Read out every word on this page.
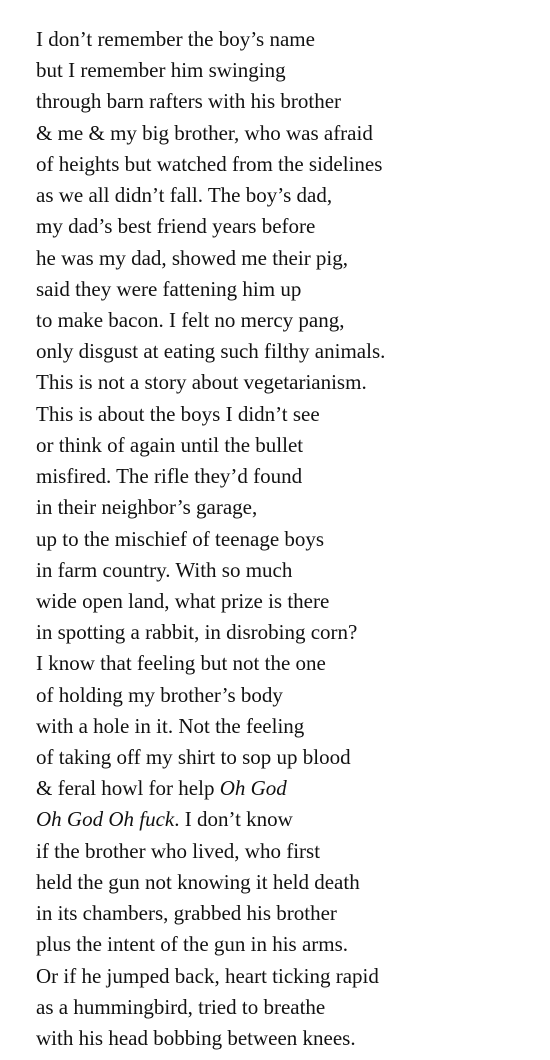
I don’t remember the boy’s name
but I remember him swinging
through barn rafters with his brother
& me & my big brother, who was afraid
of heights but watched from the sidelines
as we all didn’t fall. The boy’s dad,
my dad’s best friend years before
he was my dad, showed me their pig,
said they were fattening him up
to make bacon. I felt no mercy pang,
only disgust at eating such filthy animals.
This is not a story about vegetarianism.
This is about the boys I didn’t see
or think of again until the bullet
misfired. The rifle they’d found
in their neighbor’s garage,
up to the mischief of teenage boys
in farm country. With so much
wide open land, what prize is there
in spotting a rabbit, in disrobing corn?
I know that feeling but not the one
of holding my brother’s body
with a hole in it. Not the feeling
of taking off my shirt to sop up blood
& feral howl for help Oh God
Oh God Oh fuck. I don’t know
if the brother who lived, who first
held the gun not knowing it held death
in its chambers, grabbed his brother
plus the intent of the gun in his arms.
Or if he jumped back, heart ticking rapid
as a hummingbird, tried to breathe
with his head bobbing between knees.
